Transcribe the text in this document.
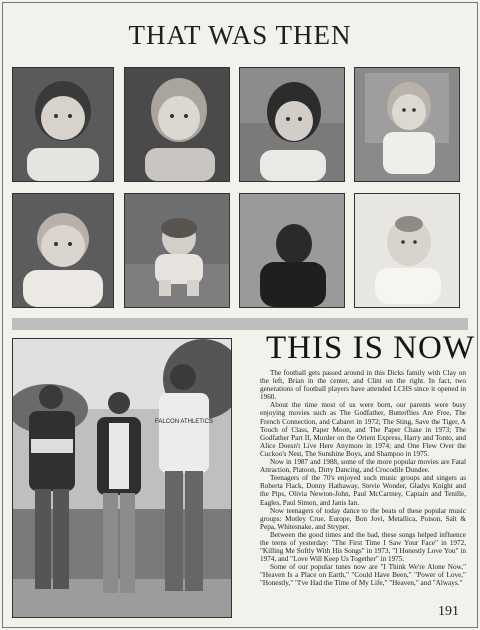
THAT WAS THEN
FALCON ATHLETICS
THIS IS NOW

The football gets passed around in this Dicks family with Clay on the left, Brian in the center, and Clint on the right. In fact, two generations of football players have attended LCHS since it opened in 1960.

About the time most of us were born, our parents were busy enjoying movies such as The Godfather, Butterflies Are Free, The French Connection, and Cabaret in 1972; The Sting, Save the Tiger, A Touch of Class, Paper Moon, and The Paper Chase in 1973; The Godfather Part II, Murder on the Orient Express, Harry and Tonto, and Alice Doesn't Live Here Anymore in 1974; and One Flew Over the Cuckoo's Nest, The Sunshine Boys, and Shampoo in 1975.

Now in 1987 and 1988, some of the more popular movies are Fatal Attraction, Platoon, Dirty Dancing, and Crocodile Dundee.

Teenagers of the 70's enjoyed such music groups and singers as Roberta Flack, Donny Hathaway, Stevie Wonder, Gladys Knight and the Pips, Olivia Newton-John, Paul McCartney, Captain and Tenille, Eagles, Paul Simon, and Janis Ian.

Now teenagers of today dance to the beats of these popular music groups: Motley Crue, Europe, Bon Jovi, Metallica, Poison, Salt & Pepa, Whitesnake, and Stryper.

Between the good times and the bad, these songs helped influence the teens of yesterday: "The First Time I Saw Your Face" in 1972, "Killing Me Softly With His Songs" in 1973, "I Honestly Love You" in 1974, and "Love Will Keep Us Together" in 1975.

Some of our popular tunes now are "I Think We're Alone Now," "Heaven Is a Place on Earth," "Could Have Been," "Power of Love," "Honestly," "I've Had the Time of My Life," "Heaven," and "Always."

191
